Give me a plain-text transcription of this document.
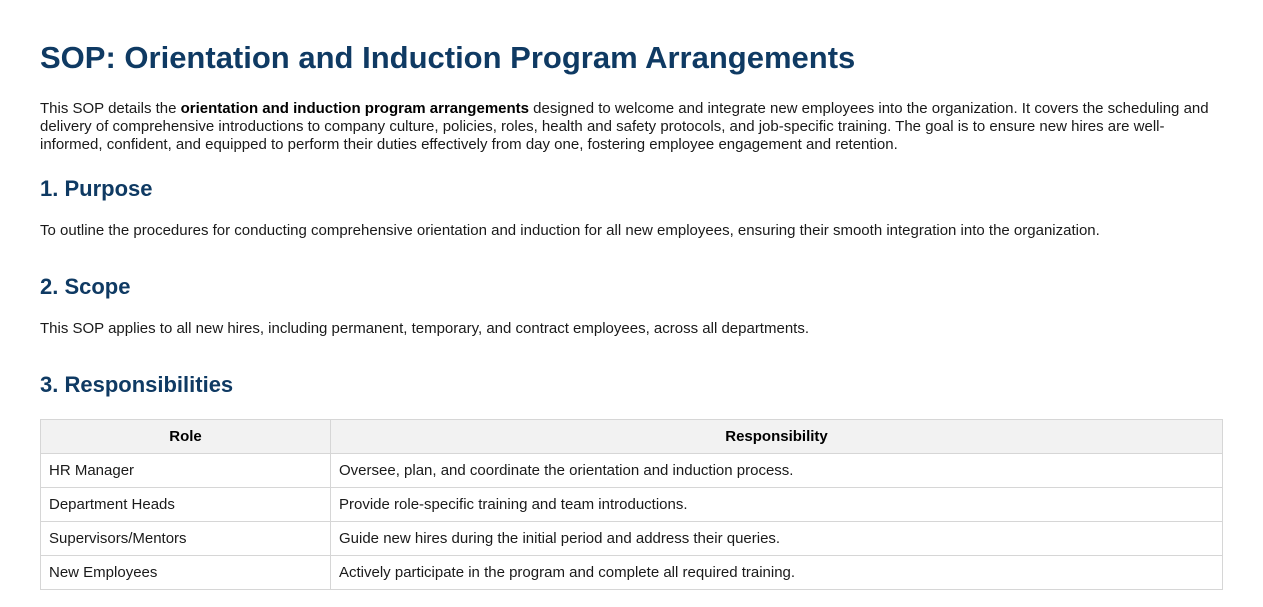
SOP: Orientation and Induction Program Arrangements

This SOP details the orientation and induction program arrangements designed to welcome and integrate new employees into the organization. It covers the scheduling and delivery of comprehensive introductions to company culture, policies, roles, health and safety protocols, and job-specific training. The goal is to ensure new hires are well-informed, confident, and equipped to perform their duties effectively from day one, fostering employee engagement and retention.

1. Purpose

To outline the procedures for conducting comprehensive orientation and induction for all new employees, ensuring their smooth integration into the organization.

2. Scope

This SOP applies to all new hires, including permanent, temporary, and contract employees, across all departments.

3. Responsibilities
Role	Responsibility
HR Manager	Oversee, plan, and coordinate the orientation and induction process.
Department Heads	Provide role-specific training and team introductions.
Supervisors/Mentors	Guide new hires during the initial period and address their queries.
New Employees	Actively participate in the program and complete all required training.
